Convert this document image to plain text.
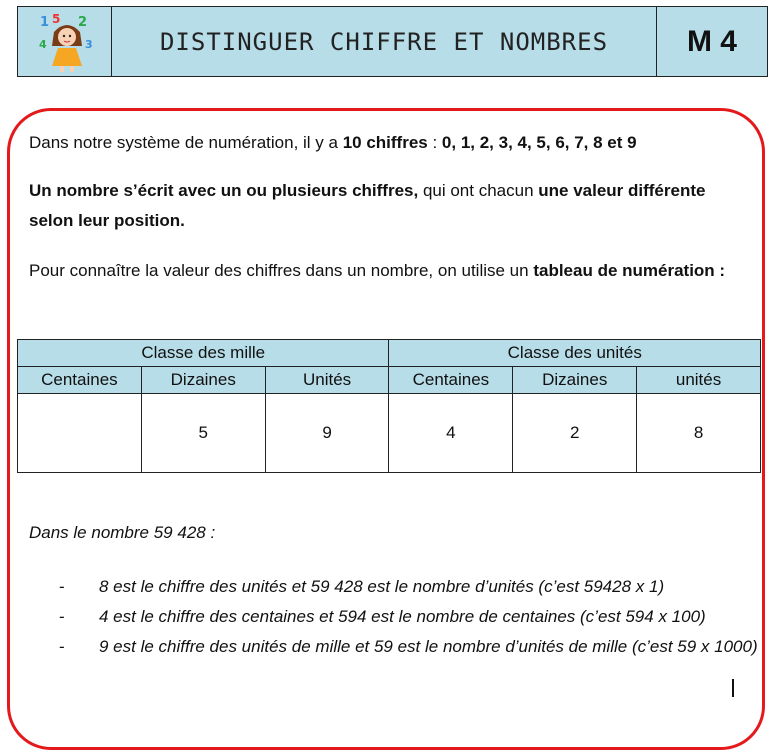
1 5 2
4	3	DISTINGUER CHIFFRE ET NOMBRES	M 4

Dans notre système de numération, il y a 10 chiffres : 0, 1, 2, 3, 4, 5, 6, 7, 8 et 9

Un nombre s’écrit avec un ou plusieurs chiffres, qui ont chacun une valeur différente selon leur position.

Pour connaître la valeur des chiffres dans un nombre, on utilise un tableau de numération :

Classe des mille			Classe des unités		
Centaines	Dizaines	Unités	Centaines	Dizaines	unités
	5	9	4	2	8

Dans le nombre 59 428 :

- 8 est le chiffre des unités et 59 428 est le nombre d’unités (c’est 59428 x 1)
- 4 est le chiffre des centaines et 594 est le nombre de centaines (c’est 594 x 100)
- 9 est le chiffre des unités de mille et 59 est le nombre d’unités de mille (c’est 59 x 1000)
